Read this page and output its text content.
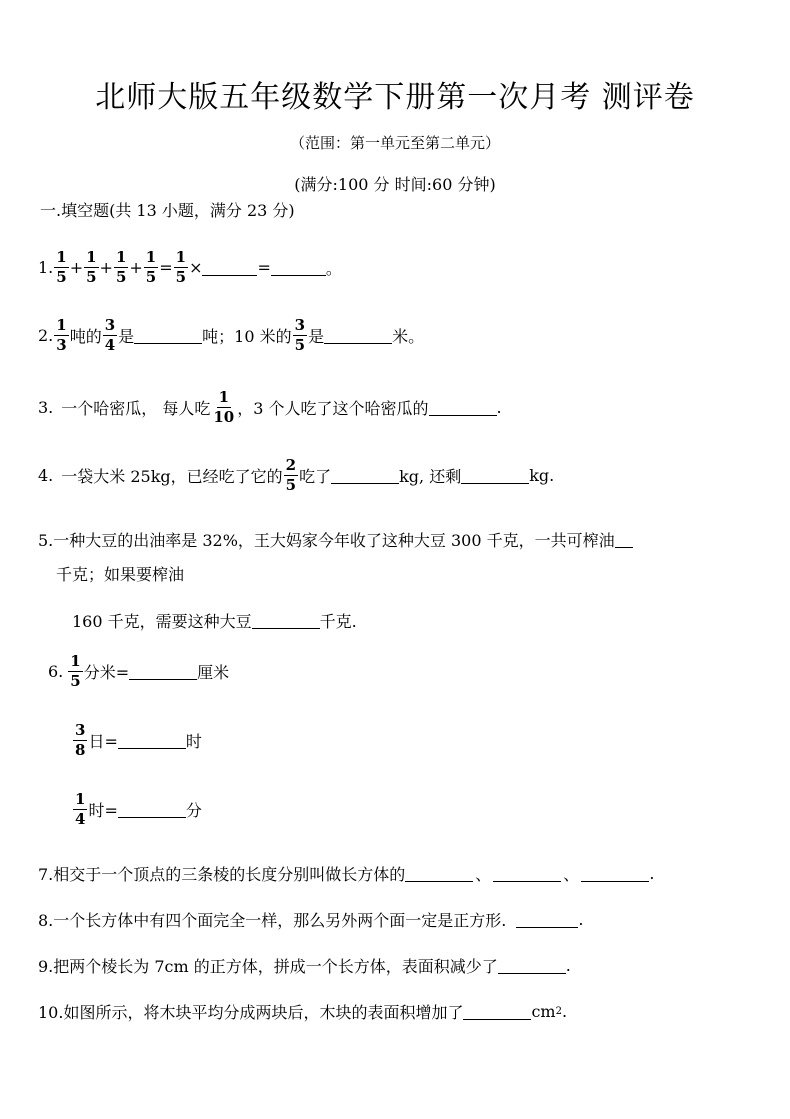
北师大版五年级数学下册第一次月考 测评卷
（范围：第一单元至第二单元）
(满分:100 分 时间:60 分钟)
一.填空题(共 13 小题，满分 23 分)
1. $\frac{1}{5} + \frac{1}{5} + \frac{1}{5} + \frac{1}{5} = \frac{1}{5}$ ×	=	。
2. $\frac{1}{3}$ 吨的 $\frac{3}{4}$ 是	吨；10 米的 $\frac{3}{5}$ 是	米。
3. 一个哈密瓜， 每人吃 $\frac{1}{10}$ ，3 个人吃了这个哈密瓜的	.
4. 一袋大米 25kg，已经吃了它的 $\frac{2}{5}$ 吃了	kg, 还剩	kg.
5.一种大豆的出油率是 32%，王大妈家今年收了这种大豆 300 千克，一共可榨油
千克；如果要榨油
160 千克，需要这种大豆	千克.
6. $\frac{1}{5}$ 分米=	厘米
$\frac{3}{8}$ 日=	时
$\frac{1}{4}$ 时=	分
7.相交于一个顶点的三条棱的长度分别叫做长方体的	、	、	.
8.一个长方体中有四个面完全一样，那么另外两个面一定是正方形.	.
9.把两个棱长为 7cm 的正方体，拼成一个长方体，表面积减少了	.
10.如图所示，将木块平均分成两块后，木块的表面积增加了	cm 2 .
